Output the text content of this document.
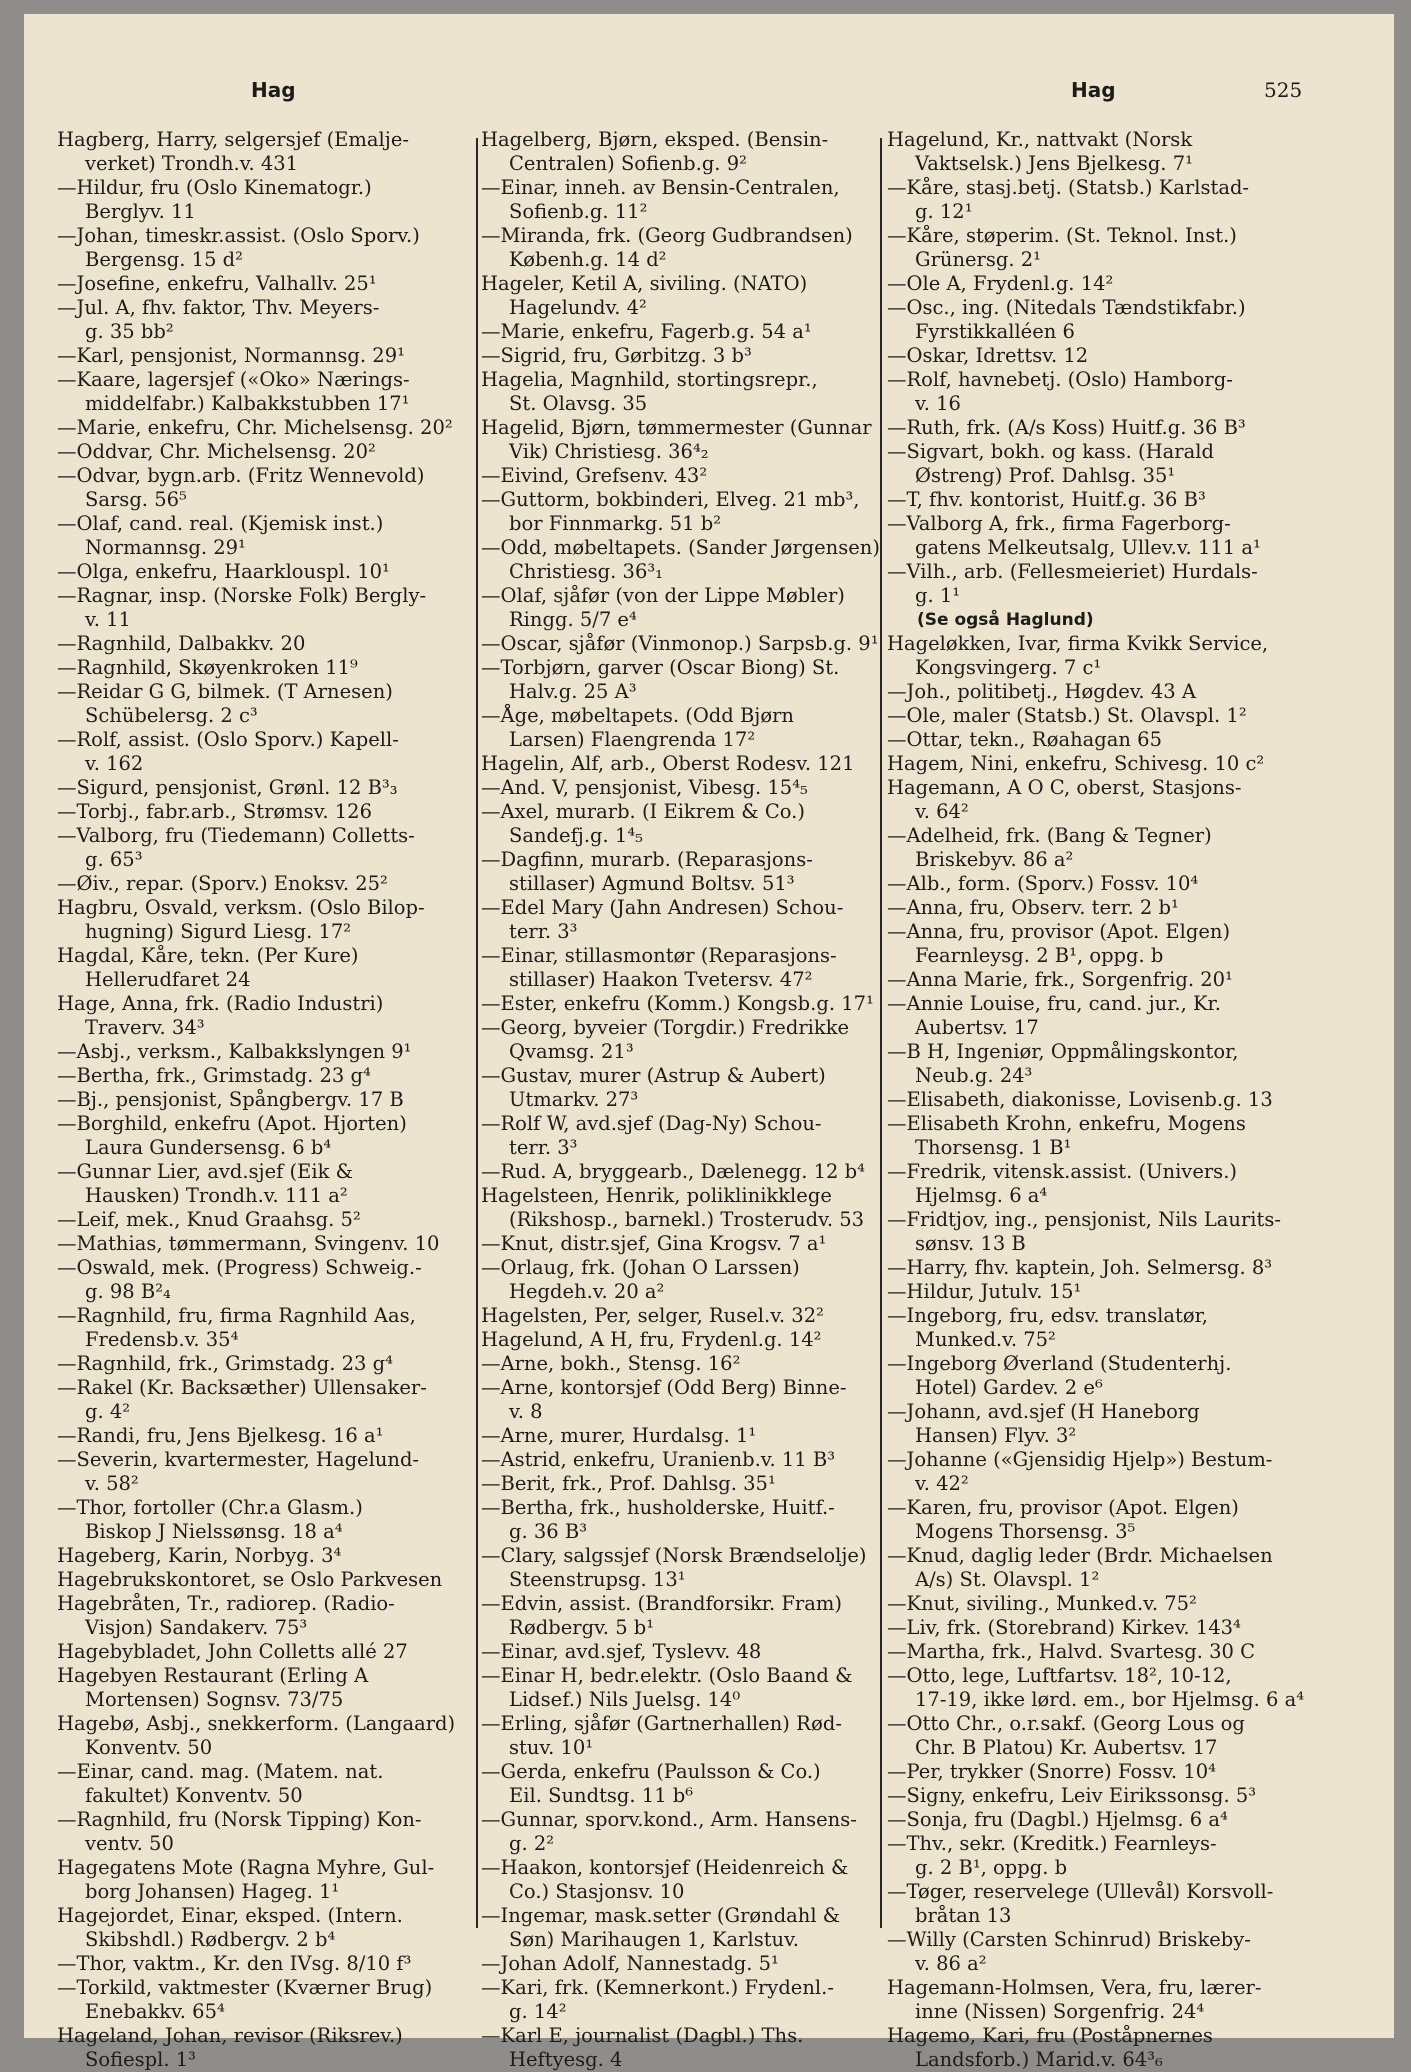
Hag	Hag	525
Hagberg, Harry, selgersjef (Emalje-
verket) Trondh.v. 431
—Hildur, fru (Oslo Kinematogr.)
Berglyv. 11
—Johan, timeskr.assist. (Oslo Sporv.)
Bergensg. 15 d²
—Josefine, enkefru, Valhallv. 25¹
—Jul. A, fhv. faktor, Thv. Meyers-
g. 35 bb²
—Karl, pensjonist, Normannsg. 29¹
—Kaare, lagersjef («Oko» Nærings-
middelfabr.) Kalbakkstubben 17¹
—Marie, enkefru, Chr. Michelsensg. 20²
—Oddvar, Chr. Michelsensg. 20²
—Odvar, bygn.arb. (Fritz Wennevold)
Sarsg. 56⁵
—Olaf, cand. real. (Kjemisk inst.)
Normannsg. 29¹
—Olga, enkefru, Haarklouspl. 10¹
—Ragnar, insp. (Norske Folk) Bergly-
v. 11
—Ragnhild, Dalbakkv. 20
—Ragnhild, Skøyenkroken 11⁹
—Reidar G G, bilmek. (T Arnesen)
Schübelersg. 2 c³
—Rolf, assist. (Oslo Sporv.) Kapell-
v. 162
—Sigurd, pensjonist, Grønl. 12 B³₃
—Torbj., fabr.arb., Strømsv. 126
—Valborg, fru (Tiedemann) Colletts-
g. 65³
—Øiv., repar. (Sporv.) Enoksv. 25²
Hagbru, Osvald, verksm. (Oslo Bilop-
hugning) Sigurd Liesg. 17²
Hagdal, Kåre, tekn. (Per Kure)
Hellerudfaret 24
Hage, Anna, frk. (Radio Industri)
Traverv. 34³
—Asbj., verksm., Kalbakkslyngen 9¹
—Bertha, frk., Grimstadg. 23 g⁴
—Bj., pensjonist, Spångbergv. 17 B
—Borghild, enkefru (Apot. Hjorten)
Laura Gundersensg. 6 b⁴
—Gunnar Lier, avd.sjef (Eik &
Hausken) Trondh.v. 111 a²
—Leif, mek., Knud Graahsg. 5²
—Mathias, tømmermann, Svingenv. 10
—Oswald, mek. (Progress) Schweig.-
g. 98 B²₄
—Ragnhild, fru, firma Ragnhild Aas,
Fredensb.v. 35⁴
—Ragnhild, frk., Grimstadg. 23 g⁴
—Rakel (Kr. Backsæther) Ullensaker-
g. 4²
—Randi, fru, Jens Bjelkesg. 16 a¹
—Severin, kvartermester, Hagelund-
v. 58²
—Thor, fortoller (Chr.a Glasm.)
Biskop J Nielssønsg. 18 a⁴
Hageberg, Karin, Norbyg. 3⁴
Hagebrukskontoret, se Oslo Parkvesen
Hagebråten, Tr., radiorep. (Radio-
Visjon) Sandakerv. 75³
Hagebybladet, John Colletts allé 27
Hagebyen Restaurant (Erling A
Mortensen) Sognsv. 73/75
Hagebø, Asbj., snekkerform. (Langaard)
Konventv. 50
—Einar, cand. mag. (Matem. nat.
fakultet) Konventv. 50
—Ragnhild, fru (Norsk Tipping) Kon-
ventv. 50
Hagegatens Mote (Ragna Myhre, Gul-
borg Johansen) Hageg. 1¹
Hagejordet, Einar, eksped. (Intern.
Skibshdl.) Rødbergv. 2 b⁴
—Thor, vaktm., Kr. den IVsg. 8/10 f³
—Torkild, vaktmester (Kværner Brug)
Enebakkv. 65⁴
Hageland, Johan, revisor (Riksrev.)
Sofiespl. 1³
Hagelberg, Bjørn, eksped. (Bensin-
Centralen) Sofienb.g. 9²
—Einar, inneh. av Bensin-Centralen,
Sofienb.g. 11²
—Miranda, frk. (Georg Gudbrandsen)
Københ.g. 14 d²
Hageler, Ketil A, siviling. (NATO)
Hagelundv. 4²
—Marie, enkefru, Fagerb.g. 54 a¹
—Sigrid, fru, Gørbitzg. 3 b³
Hagelia, Magnhild, stortingsrepr.,
St. Olavsg. 35
Hagelid, Bjørn, tømmermester (Gunnar
Vik) Christiesg. 36⁴₂
—Eivind, Grefsenv. 43²
—Guttorm, bokbinderi, Elveg. 21 mb³,
bor Finnmarkg. 51 b²
—Odd, møbeltapets. (Sander Jørgensen)
Christiesg. 36³₁
—Olaf, sjåfør (von der Lippe Møbler)
Ringg. 5/7 e⁴
—Oscar, sjåfør (Vinmonop.) Sarpsb.g. 9¹
—Torbjørn, garver (Oscar Biong) St.
Halv.g. 25 A³
—Åge, møbeltapets. (Odd Bjørn
Larsen) Flaengrenda 17²
Hagelin, Alf, arb., Oberst Rodesv. 121
—And. V, pensjonist, Vibesg. 15⁴₅
—Axel, murarb. (I Eikrem & Co.)
Sandefj.g. 1⁴₅
—Dagfinn, murarb. (Reparasjons-
stillaser) Agmund Boltsv. 51³
—Edel Mary (Jahn Andresen) Schou-
terr. 3³
—Einar, stillasmontør (Reparasjons-
stillaser) Haakon Tvetersv. 47²
—Ester, enkefru (Komm.) Kongsb.g. 17¹
—Georg, byveier (Torgdir.) Fredrikke
Qvamsg. 21³
—Gustav, murer (Astrup & Aubert)
Utmarkv. 27³
—Rolf W, avd.sjef (Dag-Ny) Schou-
terr. 3³
—Rud. A, bryggearb., Dælenegg. 12 b⁴
Hagelsteen, Henrik, poliklinikklege
(Rikshosp., barnekl.) Trosterudv. 53
—Knut, distr.sjef, Gina Krogsv. 7 a¹
—Orlaug, frk. (Johan O Larssen)
Hegdeh.v. 20 a²
Hagelsten, Per, selger, Rusel.v. 32²
Hagelund, A H, fru, Frydenl.g. 14²
—Arne, bokh., Stensg. 16²
—Arne, kontorsjef (Odd Berg) Binne-
v. 8
—Arne, murer, Hurdalsg. 1¹
—Astrid, enkefru, Uranienb.v. 11 B³
—Berit, frk., Prof. Dahlsg. 35¹
—Bertha, frk., husholderske, Huitf.-
g. 36 B³
—Clary, salgssjef (Norsk Brændselolje)
Steenstrupsg. 13¹
—Edvin, assist. (Brandforsikr. Fram)
Rødbergv. 5 b¹
—Einar, avd.sjef, Tyslevv. 48
—Einar H, bedr.elektr. (Oslo Baand &
Lidsef.) Nils Juelsg. 14⁰
—Erling, sjåfør (Gartnerhallen) Rød-
stuv. 10¹
—Gerda, enkefru (Paulsson & Co.)
Eil. Sundtsg. 11 b⁶
—Gunnar, sporv.kond., Arm. Hansens-
g. 2²
—Haakon, kontorsjef (Heidenreich &
Co.) Stasjonsv. 10
—Ingemar, mask.setter (Grøndahl &
Søn) Marihaugen 1, Karlstuv.
—Johan Adolf, Nannestadg. 5¹
—Kari, frk. (Kemnerkont.) Frydenl.-
g. 14²
—Karl E, journalist (Dagbl.) Ths.
Heftyesg. 4
Hagelund, Kr., nattvakt (Norsk
Vaktselsk.) Jens Bjelkesg. 7¹
—Kåre, stasj.betj. (Statsb.) Karlstad-
g. 12¹
—Kåre, støperim. (St. Teknol. Inst.)
Grünersg. 2¹
—Ole A, Frydenl.g. 14²
—Osc., ing. (Nitedals Tændstikfabr.)
Fyrstikkalléen 6
—Oskar, Idrettsv. 12
—Rolf, havnebetj. (Oslo) Hamborg-
v. 16
—Ruth, frk. (A/s Koss) Huitf.g. 36 B³
—Sigvart, bokh. og kass. (Harald
Østreng) Prof. Dahlsg. 35¹
—T, fhv. kontorist, Huitf.g. 36 B³
—Valborg A, frk., firma Fagerborg-
gatens Melkeutsalg, Ullev.v. 111 a¹
—Vilh., arb. (Fellesmeieriet) Hurdals-
g. 1¹
(Se også Haglund)
Hageløkken, Ivar, firma Kvikk Service,
Kongsvingerg. 7 c¹
—Joh., politibetj., Høgdev. 43 A
—Ole, maler (Statsb.) St. Olavspl. 1²
—Ottar, tekn., Røahagan 65
Hagem, Nini, enkefru, Schivesg. 10 c²
Hagemann, A O C, oberst, Stasjons-
v. 64²
—Adelheid, frk. (Bang & Tegner)
Briskebyv. 86 a²
—Alb., form. (Sporv.) Fossv. 10⁴
—Anna, fru, Observ. terr. 2 b¹
—Anna, fru, provisor (Apot. Elgen)
Fearnleysg. 2 B¹, oppg. b
—Anna Marie, frk., Sorgenfrig. 20¹
—Annie Louise, fru, cand. jur., Kr.
Aubertsv. 17
—B H, Ingeniør, Oppmålingskontor,
Neub.g. 24³
—Elisabeth, diakonisse, Lovisenb.g. 13
—Elisabeth Krohn, enkefru, Mogens
Thorsensg. 1 B¹
—Fredrik, vitensk.assist. (Univers.)
Hjelmsg. 6 a⁴
—Fridtjov, ing., pensjonist, Nils Laurits-
sønsv. 13 B
—Harry, fhv. kaptein, Joh. Selmersg. 8³
—Hildur, Jutulv. 15¹
—Ingeborg, fru, edsv. translatør,
Munked.v. 75²
—Ingeborg Øverland (Studenterhj.
Hotel) Gardev. 2 e⁶
—Johann, avd.sjef (H Haneborg
Hansen) Flyv. 3²
—Johanne («Gjensidig Hjelp») Bestum-
v. 42²
—Karen, fru, provisor (Apot. Elgen)
Mogens Thorsensg. 3⁵
—Knud, daglig leder (Brdr. Michaelsen
A/s) St. Olavspl. 1²
—Knut, siviling., Munked.v. 75²
—Liv, frk. (Storebrand) Kirkev. 143⁴
—Martha, frk., Halvd. Svartesg. 30 C
—Otto, lege, Luftfartsv. 18², 10-12,
17-19, ikke lørd. em., bor Hjelmsg. 6 a⁴
—Otto Chr., o.r.sakf. (Georg Lous og
Chr. B Platou) Kr. Aubertsv. 17
—Per, trykker (Snorre) Fossv. 10⁴
—Signy, enkefru, Leiv Eirikssonsg. 5³
—Sonja, fru (Dagbl.) Hjelmsg. 6 a⁴
—Thv., sekr. (Kreditk.) Fearnleys-
g. 2 B¹, oppg. b
—Tøger, reservelege (Ullevål) Korsvoll-
bråtan 13
—Willy (Carsten Schinrud) Briskeby-
v. 86 a²
Hagemann-Holmsen, Vera, fru, lærer-
inne (Nissen) Sorgenfrig. 24⁴
Hagemo, Kari, fru (Poståpnernes
Landsforb.) Marid.v. 64³₆
